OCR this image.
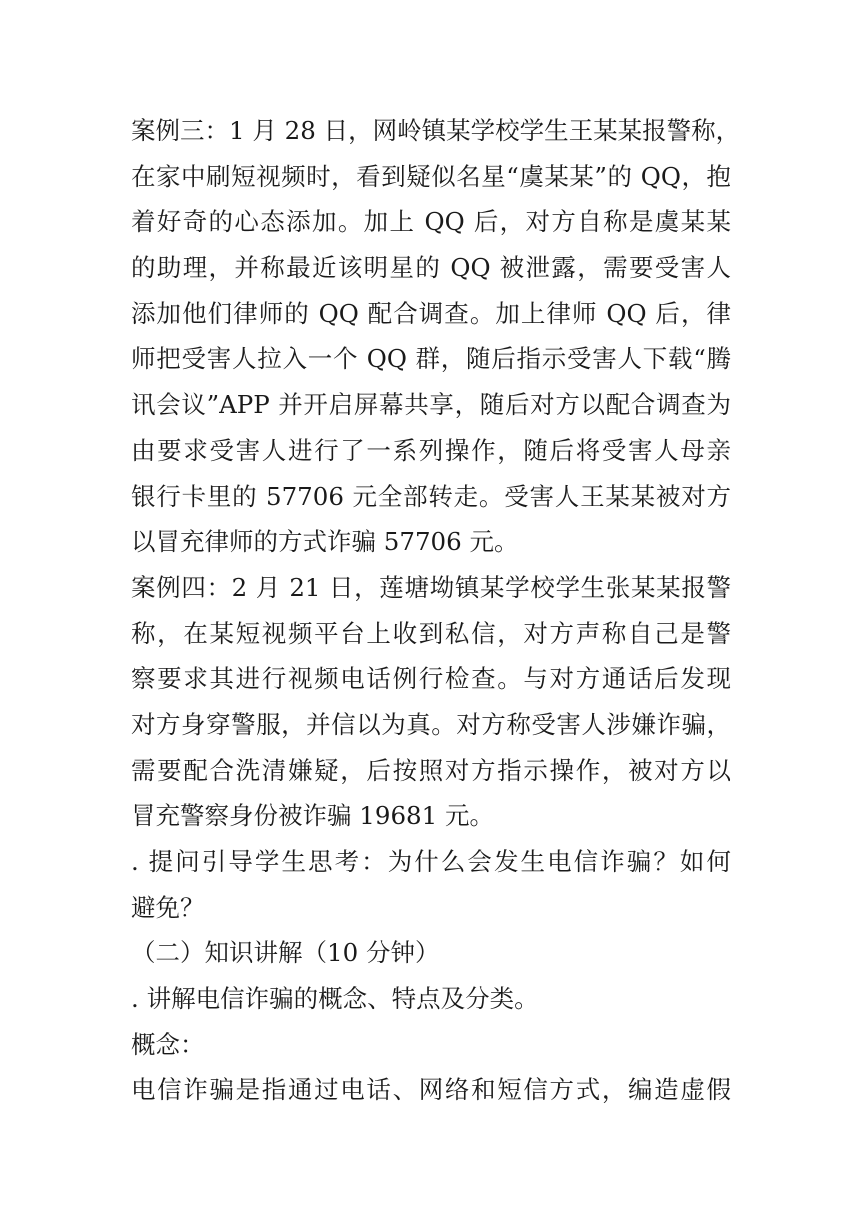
案例三：1 月 28 日，网岭镇某学校学生王某某报警称，
在家中刷短视频时，看到疑似名星“虞某某”的 QQ，抱
着好奇的心态添加。加上 QQ 后，对方自称是虞某某
的助理，并称最近该明星的 QQ 被泄露，需要受害人
添加他们律师的 QQ 配合调查。加上律师 QQ 后，律
师把受害人拉入一个 QQ 群，随后指示受害人下载“腾
讯会议”APP 并开启屏幕共享，随后对方以配合调查为
由要求受害人进行了一系列操作，随后将受害人母亲
银行卡里的 57706 元全部转走。受害人王某某被对方
以冒充律师的方式诈骗 57706 元。
案例四：2 月 21 日，莲塘坳镇某学校学生张某某报警
称，在某短视频平台上收到私信，对方声称自己是警
察要求其进行视频电话例行检查。与对方通话后发现
对方身穿警服，并信以为真。对方称受害人涉嫌诈骗，
需要配合洗清嫌疑，后按照对方指示操作，被对方以
冒充警察身份被诈骗 19681 元。
. 提问引导学生思考：为什么会发生电信诈骗？如何
避免？
（二）知识讲解（10 分钟）
. 讲解电信诈骗的概念、特点及分类。
概念：
电信诈骗是指通过电话、网络和短信方式，编造虚假
